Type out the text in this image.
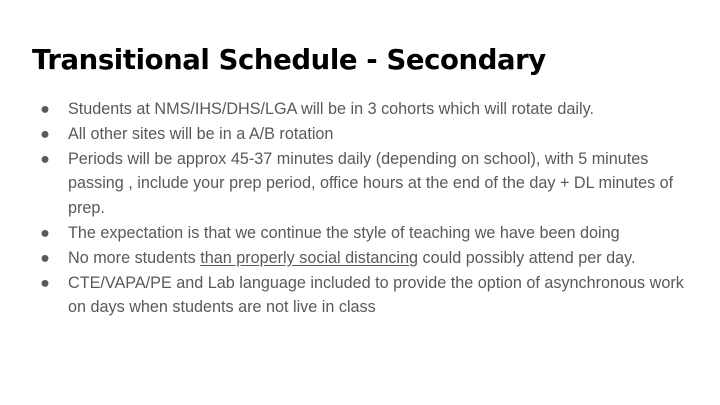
Transitional Schedule - Secondary
● Students at NMS/IHS/DHS/LGA will be in 3 cohorts which will rotate daily.
● All other sites will be in a A/B rotation
● Periods will be approx 45-37 minutes daily (depending on school), with 5 minutes passing , include your prep period, office hours at the end of the day + DL minutes of prep.
● The expectation is that we continue the style of teaching we have been doing
● No more students than properly social distancing could possibly attend per day.
● CTE/VAPA/PE and Lab language included to provide the option of asynchronous work on days when students are not live in class
